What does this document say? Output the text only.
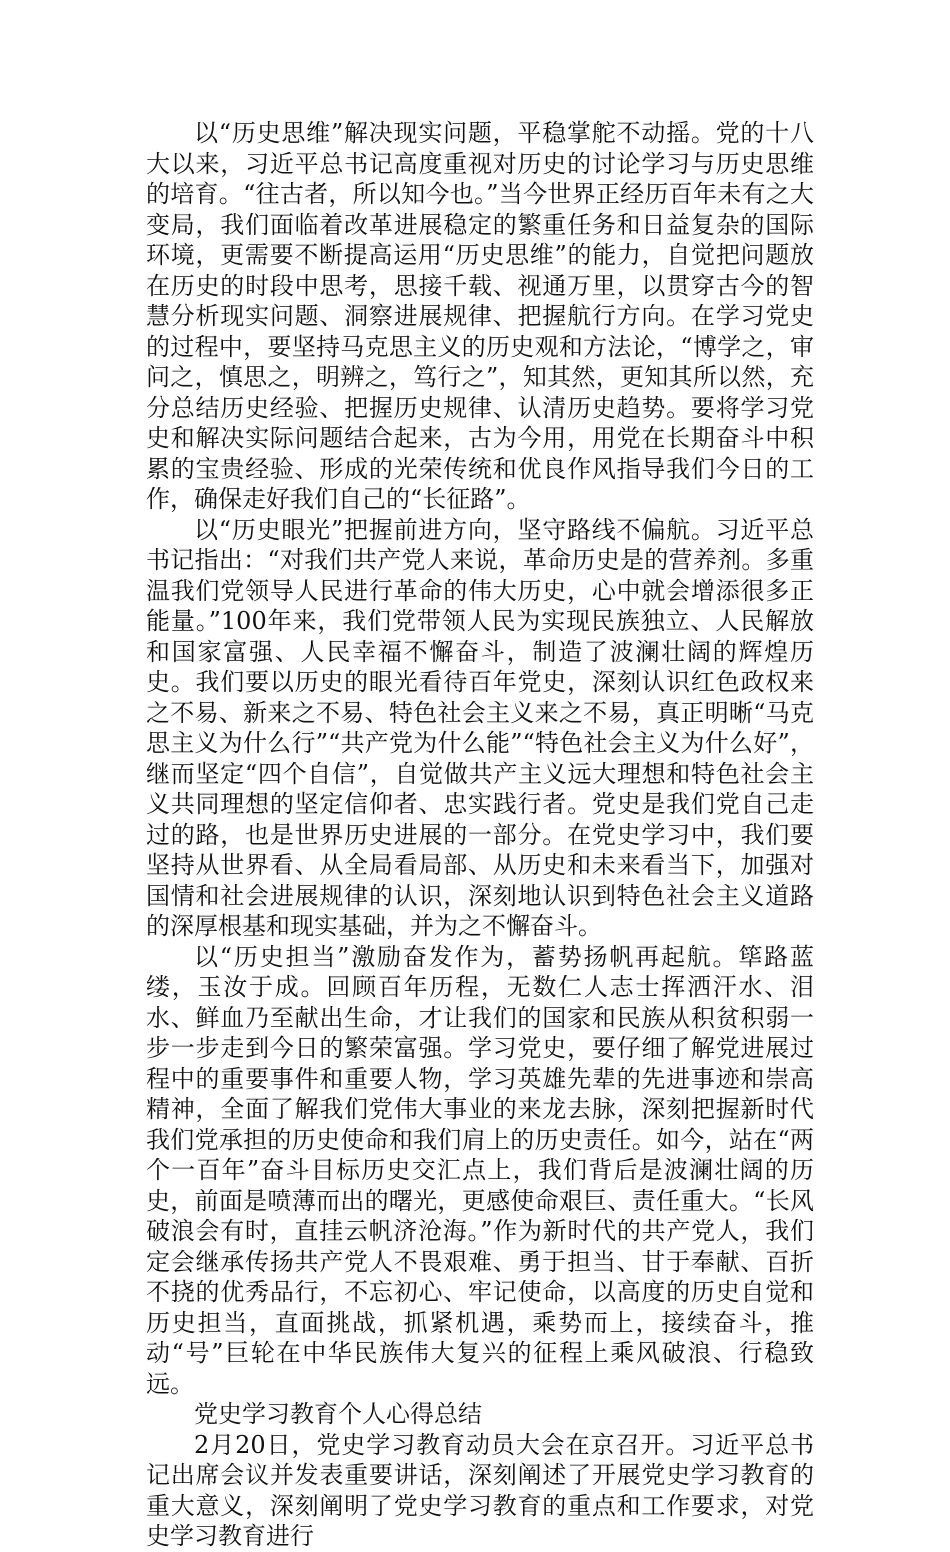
以“历史思维”解决现实问题，平稳掌舵不动摇。党的十八大以来，习近平总书记高度重视对历史的讨论学习与历史思维的培育。“往古者，所以知今也。”当今世界正经历百年未有之大变局，我们面临着改革进展稳定的繁重任务和日益复杂的国际环境，更需要不断提高运用“历史思维”的能力，自觉把问题放在历史的时段中思考，思接千载、视通万里，以贯穿古今的智慧分析现实问题、洞察进展规律、把握航行方向。在学习党史的过程中，要坚持马克思主义的历史观和方法论，“博学之，审问之，慎思之，明辨之，笃行之”，知其然，更知其所以然，充分总结历史经验、把握历史规律、认清历史趋势。要将学习党史和解决实际问题结合起来，古为今用，用党在长期奋斗中积累的宝贵经验、形成的光荣传统和优良作风指导我们今日的工作，确保走好我们自己的“长征路”。

以“历史眼光”把握前进方向，坚守路线不偏航。习近平总书记指出：“对我们共产党人来说，革命历史是的营养剂。多重温我们党领导人民进行革命的伟大历史，心中就会增添很多正能量。”100年来，我们党带领人民为实现民族独立、人民解放和国家富强、人民幸福不懈奋斗，制造了波澜壮阔的辉煌历史。我们要以历史的眼光看待百年党史，深刻认识红色政权来之不易、新来之不易、特色社会主义来之不易，真正明晰“马克思主义为什么行”“共产党为什么能”“特色社会主义为什么好”，继而坚定“四个自信”，自觉做共产主义远大理想和特色社会主义共同理想的坚定信仰者、忠实践行者。党史是我们党自己走过的路，也是世界历史进展的一部分。在党史学习中，我们要坚持从世界看、从全局看局部、从历史和未来看当下，加强对国情和社会进展规律的认识，深刻地认识到特色社会主义道路的深厚根基和现实基础，并为之不懈奋斗。

以“历史担当”激励奋发作为，蓄势扬帆再起航。筚路蓝缕，玉汝于成。回顾百年历程，无数仁人志士挥洒汗水、泪水、鲜血乃至献出生命，才让我们的国家和民族从积贫积弱一步一步走到今日的繁荣富强。学习党史，要仔细了解党进展过程中的重要事件和重要人物，学习英雄先辈的先进事迹和崇高精神，全面了解我们党伟大事业的来龙去脉，深刻把握新时代我们党承担的历史使命和我们肩上的历史责任。如今，站在“两个一百年”奋斗目标历史交汇点上，我们背后是波澜壮阔的历史，前面是喷薄而出的曙光，更感使命艰巨、责任重大。“长风破浪会有时，直挂云帆济沧海。”作为新时代的共产党人，我们定会继承传扬共产党人不畏艰难、勇于担当、甘于奉献、百折不挠的优秀品行，不忘初心、牢记使命，以高度的历史自觉和历史担当，直面挑战，抓紧机遇，乘势而上，接续奋斗，推动“号”巨轮在中华民族伟大复兴的征程上乘风破浪、行稳致远。

党史学习教育个人心得总结

2月20日，党史学习教育动员大会在京召开。习近平总书记出席会议并发表重要讲话，深刻阐述了开展党史学习教育的重大意义，深刻阐明了党史学习教育的重点和工作要求，对党史学习教育进行
